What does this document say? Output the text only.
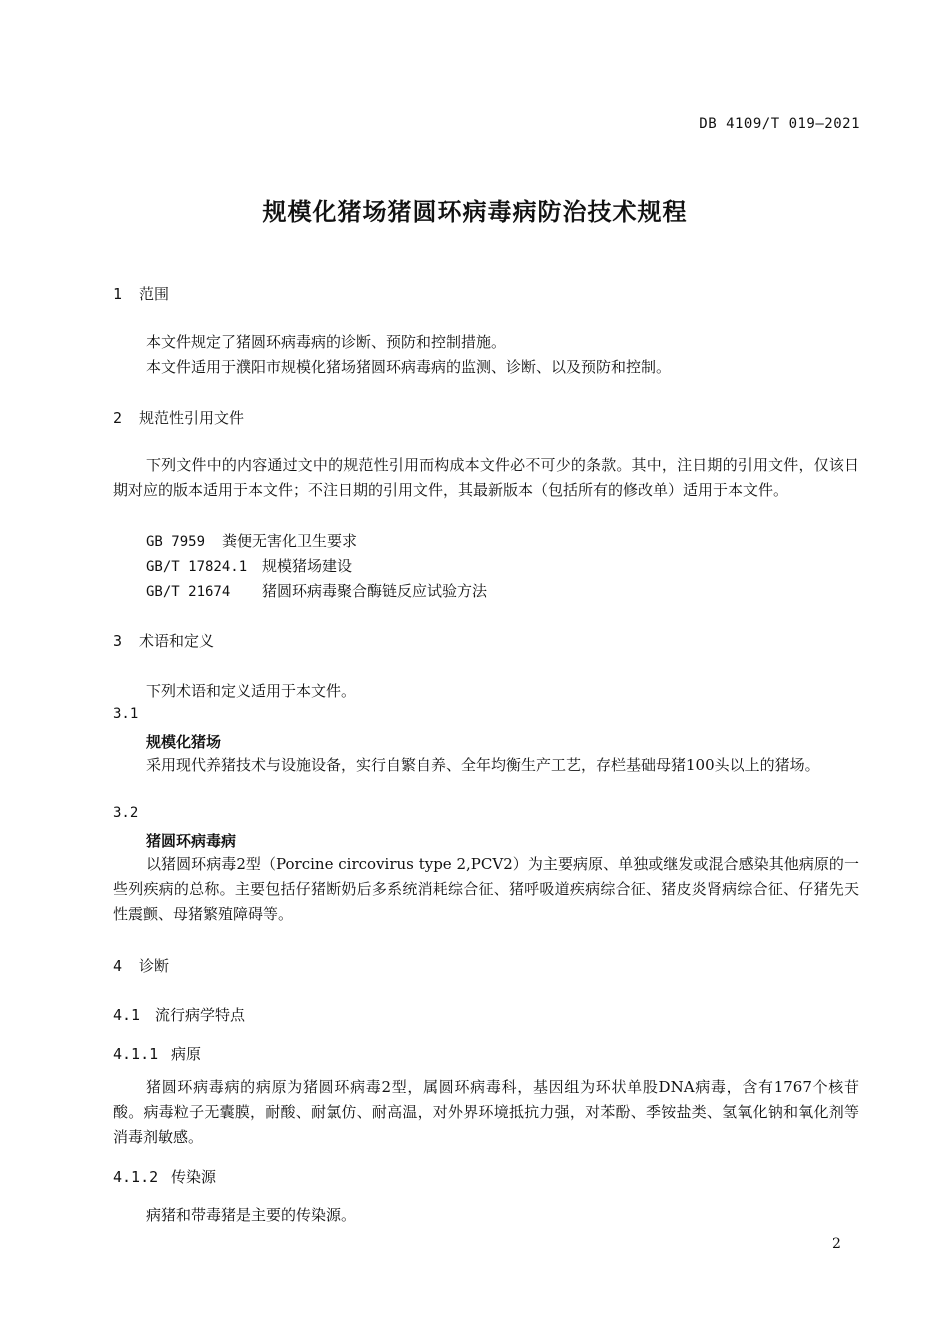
DB 4109/T 019—2021
规模化猪场猪圆环病毒病防治技术规程
1 范围
本文件规定了猪圆环病毒病的诊断、预防和控制措施。
本文件适用于濮阳市规模化猪场猪圆环病毒病的监测、诊断、以及预防和控制。
2 规范性引用文件
下列文件中的内容通过文中的规范性引用而构成本文件必不可少的条款。其中，注日期的引用文件，仅该日期对应的版本适用于本文件；不注日期的引用文件，其最新版本（包括所有的修改单）适用于本文件。
GB 7959 粪便无害化卫生要求
GB/T 17824.1 规模猪场建设
GB/T 21674 猪圆环病毒聚合酶链反应试验方法
3 术语和定义
下列术语和定义适用于本文件。
3.1
规模化猪场
采用现代养猪技术与设施设备，实行自繁自养、全年均衡生产工艺，存栏基础母猪100头以上的猪场。
3.2
猪圆环病毒病
以猪圆环病毒2型（Porcine circovirus type 2,PCV2）为主要病原、单独或继发或混合感染其他病原的一些列疾病的总称。主要包括仔猪断奶后多系统消耗综合征、猪呼吸道疾病综合征、猪皮炎肾病综合征、仔猪先天性震颤、母猪繁殖障碍等。
4 诊断
4.1 流行病学特点
4.1.1 病原
猪圆环病毒病的病原为猪圆环病毒2型，属圆环病毒科，基因组为环状单股DNA病毒，含有1767个核苷酸。病毒粒子无囊膜，耐酸、耐氯仿、耐高温，对外界环境抵抗力强，对苯酚、季铵盐类、氢氧化钠和氧化剂等消毒剂敏感。
4.1.2 传染源
病猪和带毒猪是主要的传染源。
2
